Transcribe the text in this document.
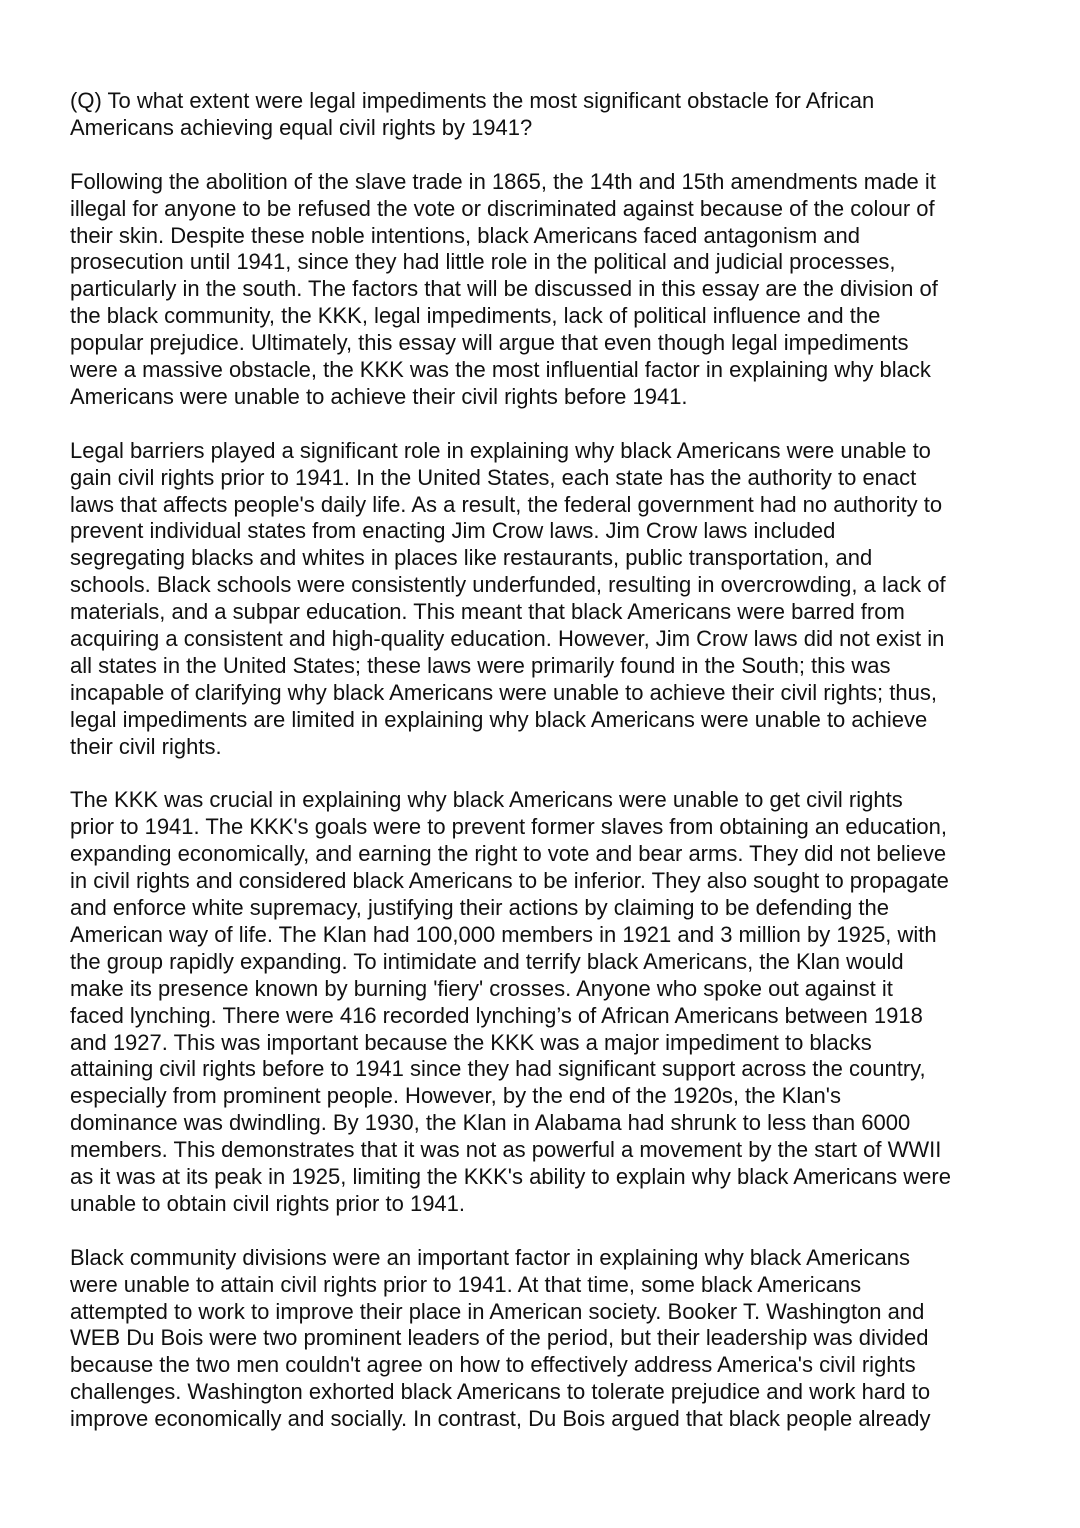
(Q) To what extent were legal impediments the most significant obstacle for African
Americans achieving equal civil rights by 1941?
Following the abolition of the slave trade in 1865, the 14th and 15th amendments made it
illegal for anyone to be refused the vote or discriminated against because of the colour of
their skin. Despite these noble intentions, black Americans faced antagonism and
prosecution until 1941, since they had little role in the political and judicial processes,
particularly in the south. The factors that will be discussed in this essay are the division of
the black community, the KKK, legal impediments, lack of political influence and the
popular prejudice. Ultimately, this essay will argue that even though legal impediments
were a massive obstacle, the KKK was the most influential factor in explaining why black
Americans were unable to achieve their civil rights before 1941.
Legal barriers played a significant role in explaining why black Americans were unable to
gain civil rights prior to 1941. In the United States, each state has the authority to enact
laws that affects people's daily life. As a result, the federal government had no authority to
prevent individual states from enacting Jim Crow laws. Jim Crow laws included
segregating blacks and whites in places like restaurants, public transportation, and
schools. Black schools were consistently underfunded, resulting in overcrowding, a lack of
materials, and a subpar education. This meant that black Americans were barred from
acquiring a consistent and high-quality education. However, Jim Crow laws did not exist in
all states in the United States; these laws were primarily found in the South; this was
incapable of clarifying why black Americans were unable to achieve their civil rights; thus,
legal impediments are limited in explaining why black Americans were unable to achieve
their civil rights.
The KKK was crucial in explaining why black Americans were unable to get civil rights
prior to 1941. The KKK's goals were to prevent former slaves from obtaining an education,
expanding economically, and earning the right to vote and bear arms. They did not believe
in civil rights and considered black Americans to be inferior. They also sought to propagate
and enforce white supremacy, justifying their actions by claiming to be defending the
American way of life. The Klan had 100,000 members in 1921 and 3 million by 1925, with
the group rapidly expanding. To intimidate and terrify black Americans, the Klan would
make its presence known by burning 'fiery' crosses. Anyone who spoke out against it
faced lynching. There were 416 recorded lynching’s of African Americans between 1918
and 1927. This was important because the KKK was a major impediment to blacks
attaining civil rights before to 1941 since they had significant support across the country,
especially from prominent people. However, by the end of the 1920s, the Klan's
dominance was dwindling. By 1930, the Klan in Alabama had shrunk to less than 6000
members. This demonstrates that it was not as powerful a movement by the start of WWII
as it was at its peak in 1925, limiting the KKK's ability to explain why black Americans were
unable to obtain civil rights prior to 1941.
Black community divisions were an important factor in explaining why black Americans
were unable to attain civil rights prior to 1941. At that time, some black Americans
attempted to work to improve their place in American society. Booker T. Washington and
WEB Du Bois were two prominent leaders of the period, but their leadership was divided
because the two men couldn't agree on how to effectively address America's civil rights
challenges. Washington exhorted black Americans to tolerate prejudice and work hard to
improve economically and socially. In contrast, Du Bois argued that black people already
